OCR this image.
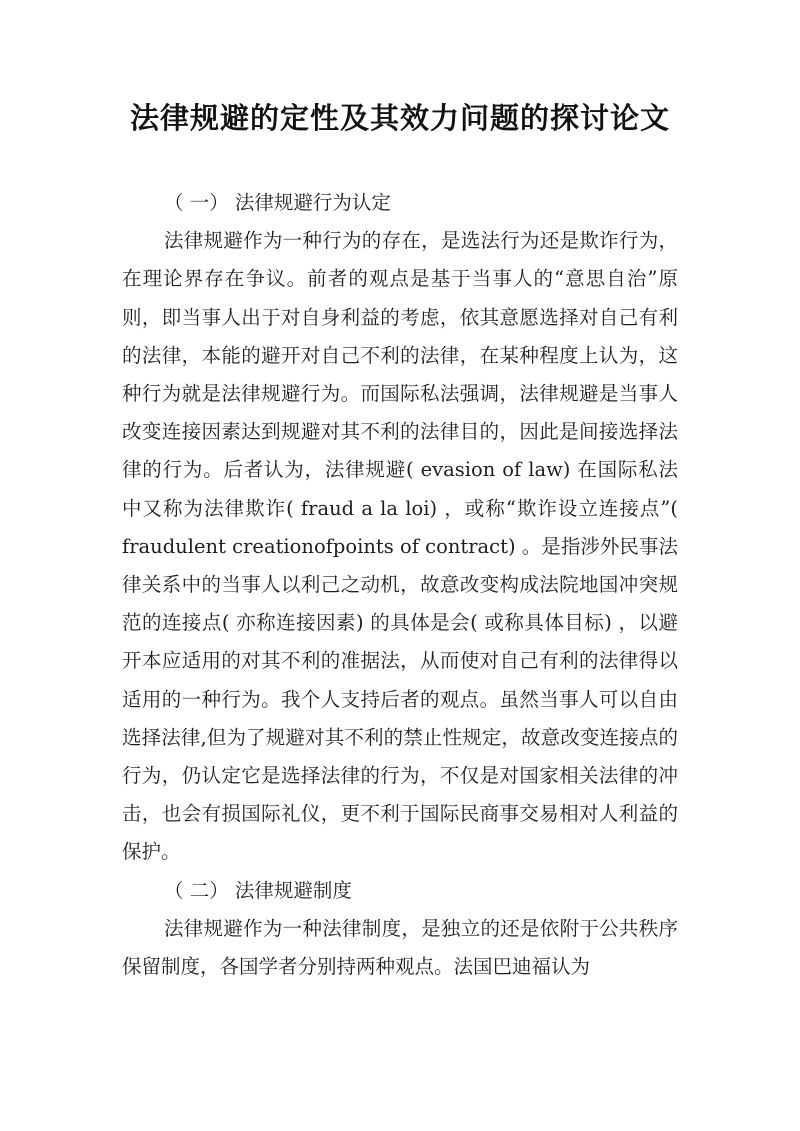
法律规避的定性及其效力问题的探讨论文

（ 一） 法律规避行为认定

法律规避作为一种行为的存在，是选法行为还是欺诈行为，在理论界存在争议。前者的观点是基于当事人的“意思自治”原则，即当事人出于对自身利益的考虑，依其意愿选择对自己有利的法律，本能的避开对自己不利的法律，在某种程度上认为，这种行为就是法律规避行为。而国际私法强调，法律规避是当事人改变连接因素达到规避对其不利的法律目的，因此是间接选择法律的行为。后者认为，法律规避( evasion of law) 在国际私法中又称为法律欺诈( fraud a la loi) ，或称“欺诈设立连接点”( fraudulent creationofpoints of contract) 。是指涉外民事法律关系中的当事人以利己之动机，故意改变构成法院地国冲突规范的连接点( 亦称连接因素) 的具体是会( 或称具体目标) ，以避开本应适用的对其不利的准据法，从而使对自己有利的法律得以适用的一种行为。我个人支持后者的观点。虽然当事人可以自由选择法律,但为了规避对其不利的禁止性规定，故意改变连接点的行为，仍认定它是选择法律的行为，不仅是对国家相关法律的冲击，也会有损国际礼仪，更不利于国际民商事交易相对人利益的保护。

（ 二） 法律规避制度

法律规避作为一种法律制度，是独立的还是依附于公共秩序保留制度，各国学者分别持两种观点。法国巴迪福认为
